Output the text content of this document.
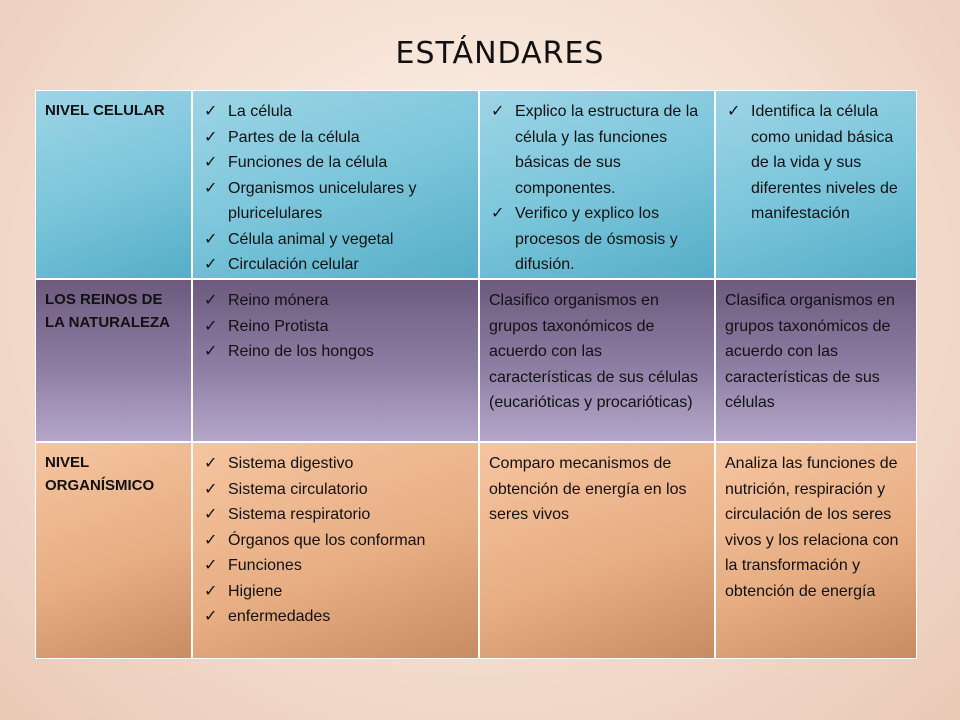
ESTÁNDARES
NIVEL CELULAR	✓ La célula
✓ Partes de la célula
✓ Funciones de la célula
✓ Organismos unicelulares y pluricelulares
✓ Célula animal y vegetal
✓ Circulación celular
✓ Explico la estructura de la célula y las funciones básicas de sus componentes.
✓ Verifico y explico los procesos de ósmosis y difusión.
✓ Identifica la célula como unidad básica de la vida y sus diferentes niveles de manifestación
LOS REINOS DE LA NATURALEZA
✓ Reino mónera
✓ Reino Protista
✓ Reino de los hongos
Clasifico organismos en grupos taxonómicos de acuerdo con las características de sus células (eucarióticas y procarióticas)
Clasifica organismos en grupos taxonómicos de acuerdo con las características de sus células
NIVEL ORGANÍSMICO
✓ Sistema digestivo
✓ Sistema circulatorio
✓ Sistema respiratorio
✓ Órganos que los conforman
✓ Funciones
✓ Higiene
✓ enfermedades
Comparo mecanismos de obtención de energía en los seres vivos
Analiza las funciones de nutrición, respiración y circulación de los seres vivos y los relaciona con la transformación y obtención de energía
